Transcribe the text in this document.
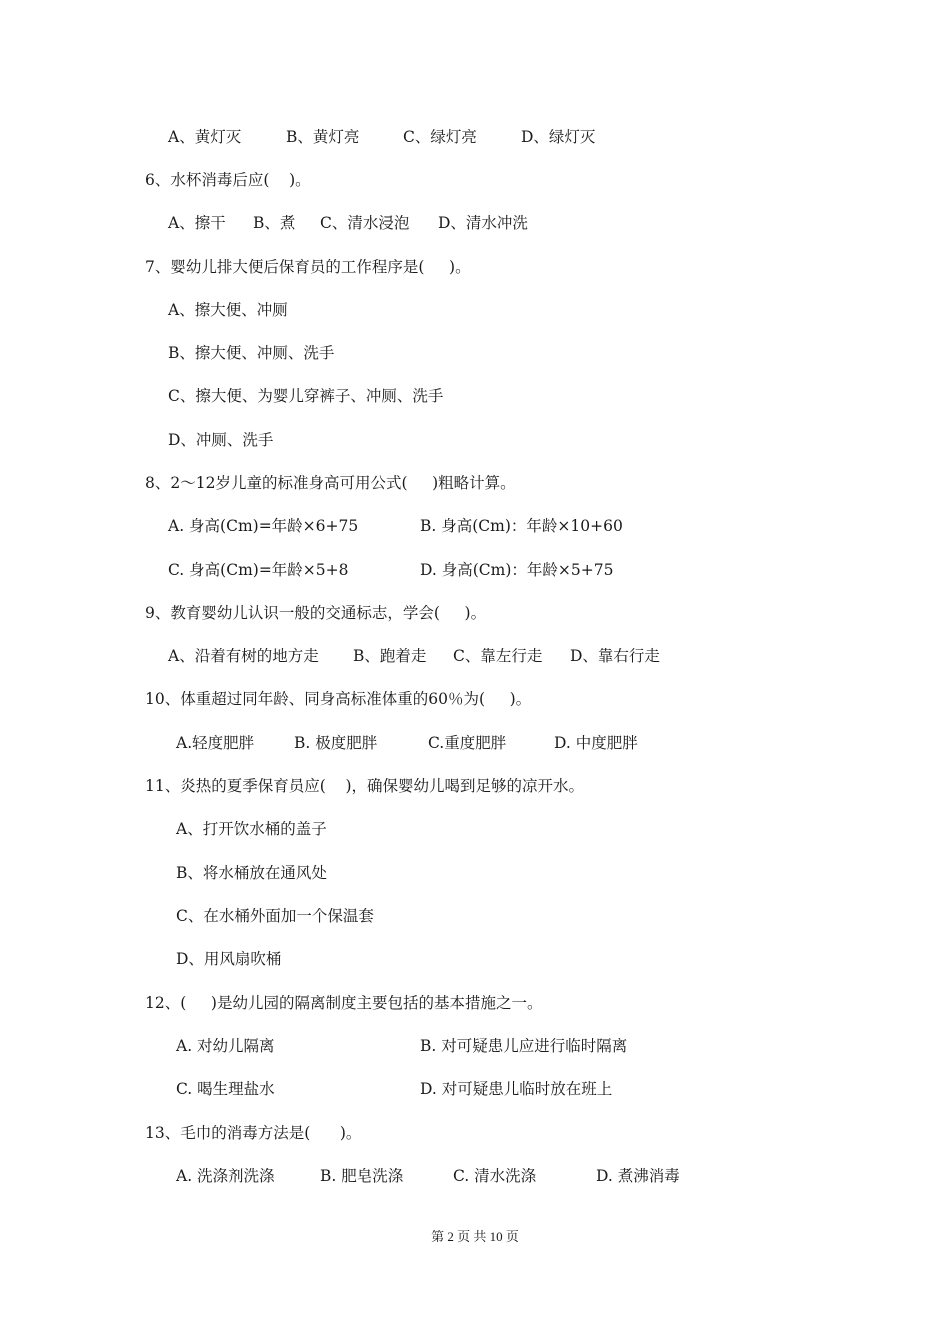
A、黄灯灭	B、黄灯亮	C、绿灯亮	D、绿灯灭
6、水杯消毒后应(    )。
A、擦干 B、煮 C、清水浸泡 D、清水冲洗
7、婴幼儿排大便后保育员的工作程序是(     )。
A、擦大便、冲厕
B、擦大便、冲厕、洗手
C、擦大便、为婴儿穿裤子、冲厕、洗手
D、冲厕、洗手
8、2～12岁儿童的标准身高可用公式(     )粗略计算。
A. 身高(Cm)=年龄×6+75	B. 身高(Cm)：年龄×10+60
C. 身高(Cm)=年龄×5+8	D. 身高(Cm)：年龄×5+75
9、教育婴幼儿认识一般的交通标志，学会(     )。
A、沿着有树的地方走 B、跑着走 C、靠左行走 D、靠右行走
10、体重超过同年龄、同身高标准体重的60％为(     )。
A.轻度肥胖	B. 极度肥胖	C.重度肥胖	D. 中度肥胖
11、炎热的夏季保育员应(    )，确保婴幼儿喝到足够的凉开水。
A、打开饮水桶的盖子
B、将水桶放在通风处
C、在水桶外面加一个保温套
D、用风扇吹桶
12、(     )是幼儿园的隔离制度主要包括的基本措施之一。
A. 对幼儿隔离	B. 对可疑患儿应进行临时隔离
C. 喝生理盐水	D. 对可疑患儿临时放在班上
13、毛巾的消毒方法是(      )。
A. 洗涤剂洗涤	B. 肥皂洗涤	C. 清水洗涤	D. 煮沸消毒
第 2 页 共 10 页
